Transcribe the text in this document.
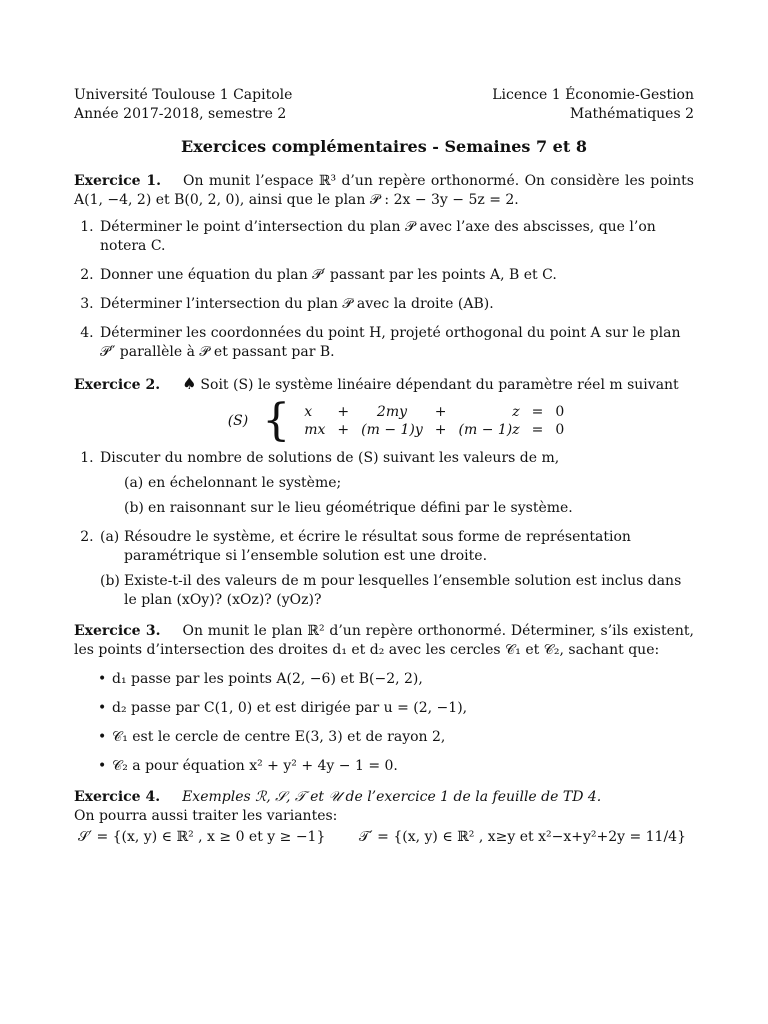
Université Toulouse 1 Capitole
Année 2017-2018, semestre 2
Licence 1 Économie-Gestion
Mathématiques 2
Exercices complémentaires - Semaines 7 et 8

Exercice 1. On munit l’espace ℝ³ d’un repère orthonormé. On considère les points A(1, −4, 2) et B(0, 2, 0), ainsi que le plan 𝒫 : 2x − 3y − 5z = 2.

1. Déterminer le point d’intersection du plan 𝒫 avec l’axe des abscisses, que l’on notera C.
2. Donner une équation du plan 𝒫′ passant par les points A, B et C.
3. Déterminer l’intersection du plan 𝒫 avec la droite (AB).
4. Déterminer les coordonnées du point H, projeté orthogonal du point A sur le plan 𝒫″ parallèle à 𝒫 et passant par B.

Exercice 2. ♠ Soit (S) le système linéaire dépendant du paramètre réel m suivant

(S) { x	+	2my	+	z	=	0
mx	+	(m − 1)y	+	(m − 1)z	=	0
1. Discuter du nombre de solutions de (S) suivant les valeurs de m,
(a) en échelonnant le système;
(b) en raisonnant sur le lieu géométrique défini par le système.
2. (a) Résoudre le système, et écrire le résultat sous forme de représentation paramétrique si l’ensemble solution est une droite.
(b) Existe-t-il des valeurs de m pour lesquelles l’ensemble solution est inclus dans le plan (xOy)? (xOz)? (yOz)?

Exercice 3. On munit le plan ℝ² d’un repère orthonormé. Déterminer, s’ils existent, les points d’intersection des droites d₁ et d₂ avec les cercles 𝒞₁ et 𝒞₂, sachant que:

• d₁ passe par les points A(2, −6) et B(−2, 2),
• d₂ passe par C(1, 0) et est dirigée par u = (2, −1),
• 𝒞₁ est le cercle de centre E(3, 3) et de rayon 2,
• 𝒞₂ a pour équation x² + y² + 4y − 1 = 0.

Exercice 4. Exemples ℛ, 𝒮, 𝒯 et 𝒰 de l’exercice 1 de la feuille de TD 4.

On pourra aussi traiter les variantes:

𝒮′ = {(x, y) ∈ ℝ² , x ≥ 0 et y ≥ −1} 𝒯′ = {(x, y) ∈ ℝ² , x≥y et x²−x+y²+2y = 11/4}
